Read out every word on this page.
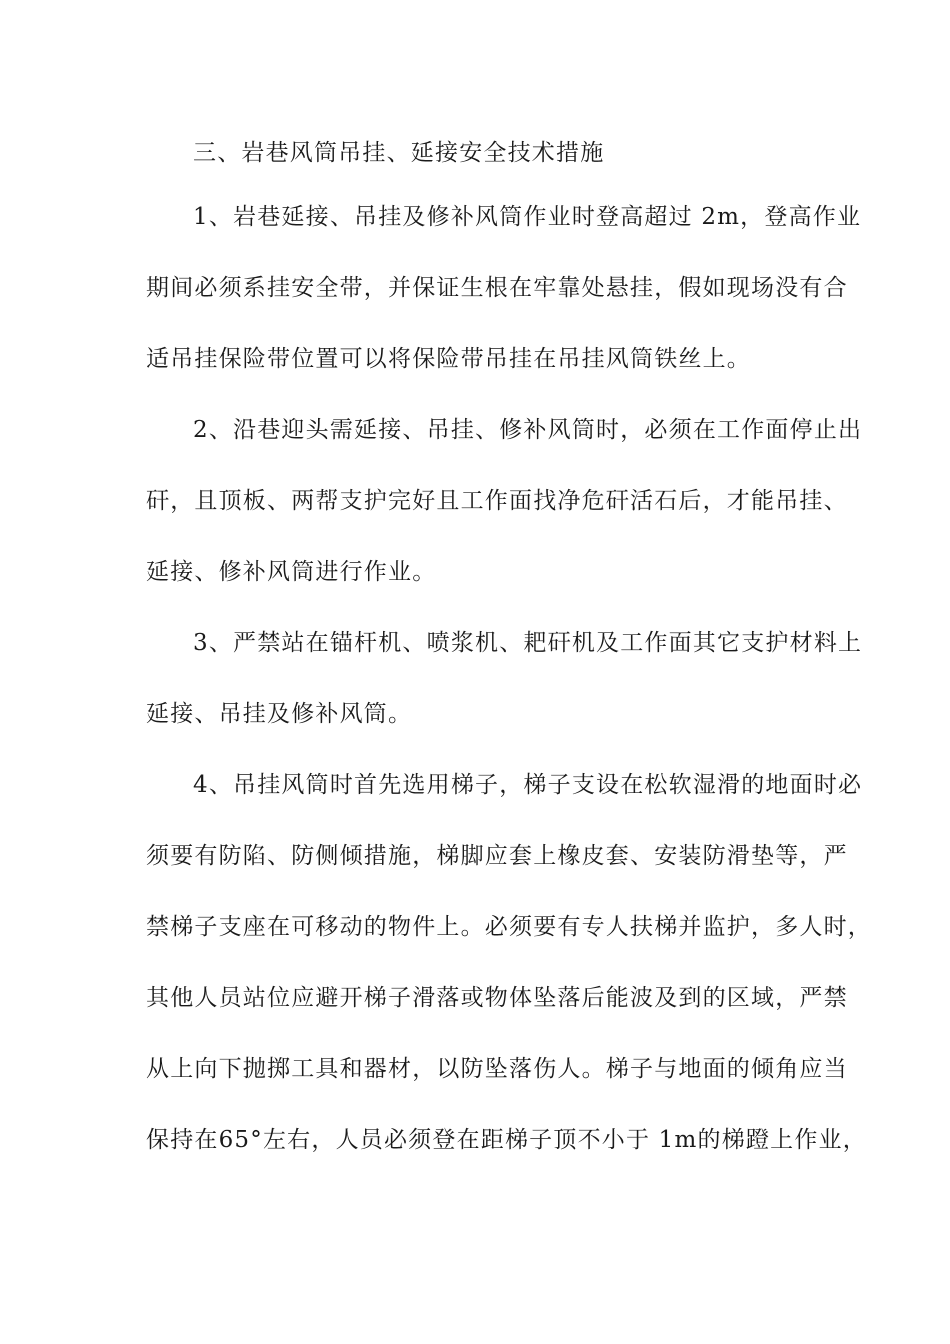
三、岩巷风筒吊挂、延接安全技术措施
1、岩巷延接、吊挂及修补风筒作业时登高超过 2m，登高作业
期间必须系挂安全带，并保证生根在牢靠处悬挂，假如现场没有合
适吊挂保险带位置可以将保险带吊挂在吊挂风筒铁丝上。
2、沿巷迎头需延接、吊挂、修补风筒时，必须在工作面停止出
矸，且顶板、两帮支护完好且工作面找净危矸活石后，才能吊挂、
延接、修补风筒进行作业。
3、严禁站在锚杆机、喷浆机、耙矸机及工作面其它支护材料上
延接、吊挂及修补风筒。
4、吊挂风筒时首先选用梯子，梯子支设在松软湿滑的地面时必
须要有防陷、防侧倾措施，梯脚应套上橡皮套、安装防滑垫等，严
禁梯子支座在可移动的物件上。必须要有专人扶梯并监护，多人时，
其他人员站位应避开梯子滑落或物体坠落后能波及到的区域，严禁
从上向下抛掷工具和器材，以防坠落伤人。梯子与地面的倾角应当
保持在65°左右，人员必须登在距梯子顶不小于 1m的梯蹬上作业，
